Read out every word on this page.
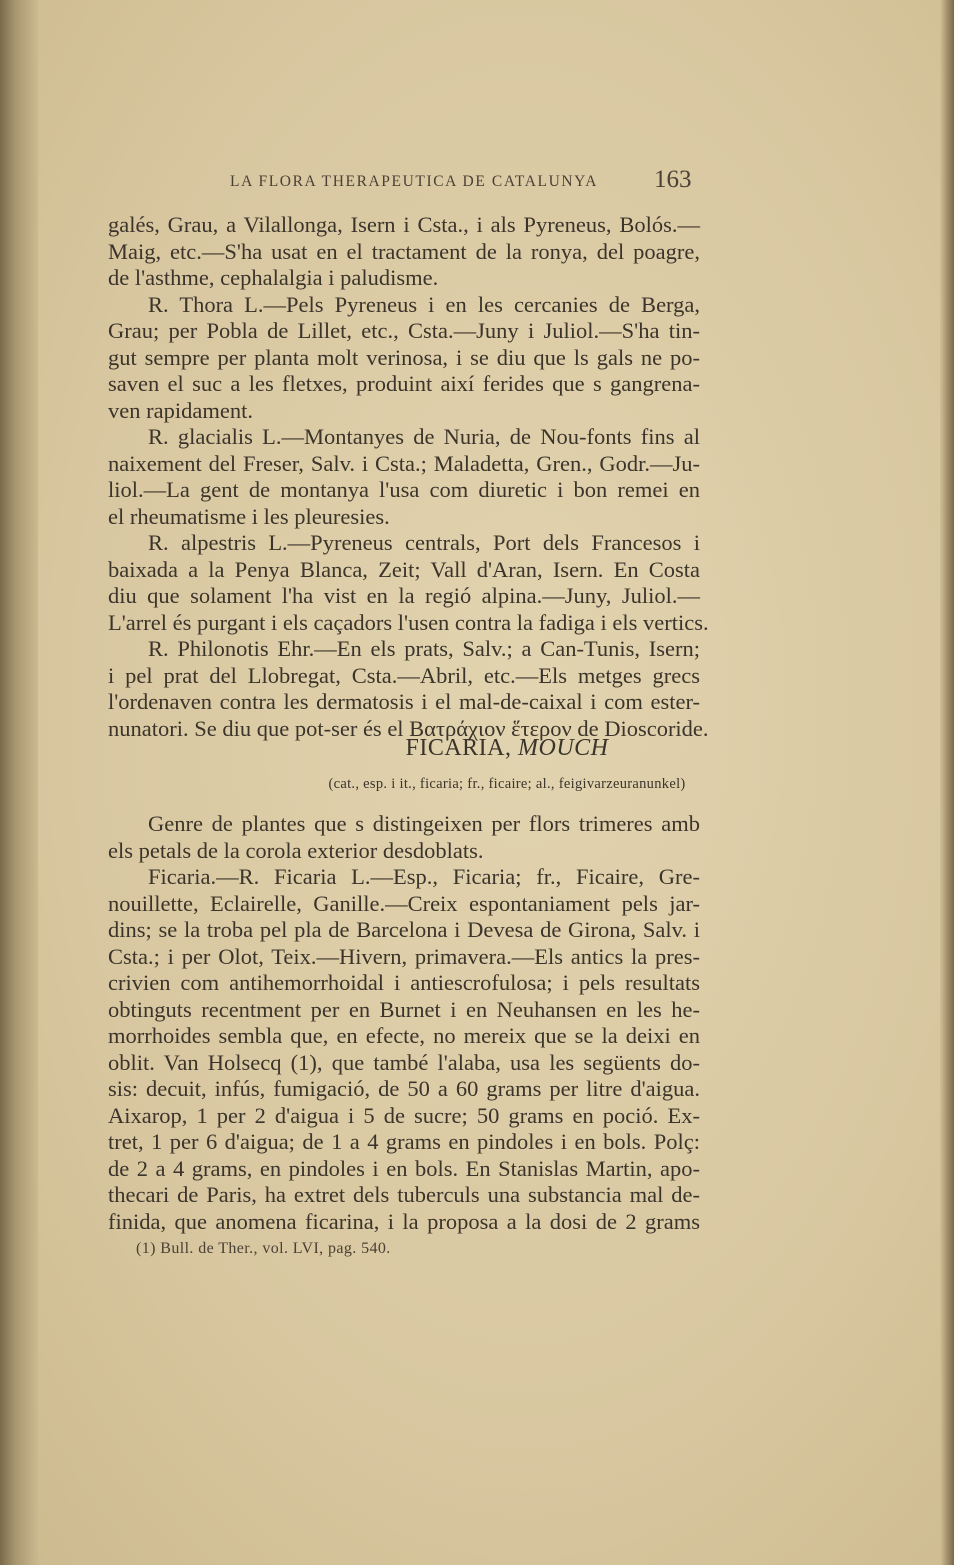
LA FLORA THERAPEUTICA DE CATALUNYA 163
galés, Grau, a Vilallonga, Isern i Csta., i als Pyreneus, Bolós.—
Maig, etc.—S'ha usat en el tractament de la ronya, del poagre,
de l'asthme, cephalalgia i paludisme.
R. Thora L.—Pels Pyreneus i en les cercanies de Berga,
Grau; per Pobla de Lillet, etc., Csta.—Juny i Juliol.—S'ha tin-
gut sempre per planta molt verinosa, i se diu que ls gals ne po-
saven el suc a les fletxes, produint així ferides que s gangrena-
ven rapidament.
R. glacialis L.—Montanyes de Nuria, de Nou-fonts fins al
naixement del Freser, Salv. i Csta.; Maladetta, Gren., Godr.—Ju-
liol.—La gent de montanya l'usa com diuretic i bon remei en
el rheumatisme i les pleuresies.
R. alpestris L.—Pyreneus centrals, Port dels Francesos i
baixada a la Penya Blanca, Zeit; Vall d'Aran, Isern. En Costa
diu que solament l'ha vist en la regió alpina.—Juny, Juliol.—
L'arrel és purgant i els caçadors l'usen contra la fadiga i els vertics.
R. Philonotis Ehr.—En els prats, Salv.; a Can-Tunis, Isern;
i pel prat del Llobregat, Csta.—Abril, etc.—Els metges grecs
l'ordenaven contra les dermatosis i el mal-de-caixal i com ester-
nunatori. Se diu que pot-ser és el Βατράχιον ἕτερον de Dioscoride.
FICARIA, MOUCH
(cat., esp. i it., ficaria; fr., ficaire; al., feigivarzeuranunkel)
Genre de plantes que s distingeixen per flors trimeres amb
els petals de la corola exterior desdoblats.
Ficaria.—R. Ficaria L.—Esp., Ficaria; fr., Ficaire, Gre-
nouillette, Eclairelle, Ganille.—Creix espontaniament pels jar-
dins; se la troba pel pla de Barcelona i Devesa de Girona, Salv. i
Csta.; i per Olot, Teix.—Hivern, primavera.—Els antics la pres-
crivien com antihemorrhoidal i antiescrofulosa; i pels resultats
obtinguts recentment per en Burnet i en Neuhansen en les he-
morrhoides sembla que, en efecte, no mereix que se la deixi en
oblit. Van Holsecq (1), que també l'alaba, usa les següents do-
sis: decuit, infús, fumigació, de 50 a 60 grams per litre d'aigua.
Aixarop, 1 per 2 d'aigua i 5 de sucre; 50 grams en poció. Ex-
tret, 1 per 6 d'aigua; de 1 a 4 grams en pindoles i en bols. Polç:
de 2 a 4 grams, en pindoles i en bols. En Stanislas Martin, apo-
thecari de Paris, ha extret dels tuberculs una substancia mal de-
finida, que anomena ficarina, i la proposa a la dosi de 2 grams
(1) Bull. de Ther., vol. LVI, pag. 540.
